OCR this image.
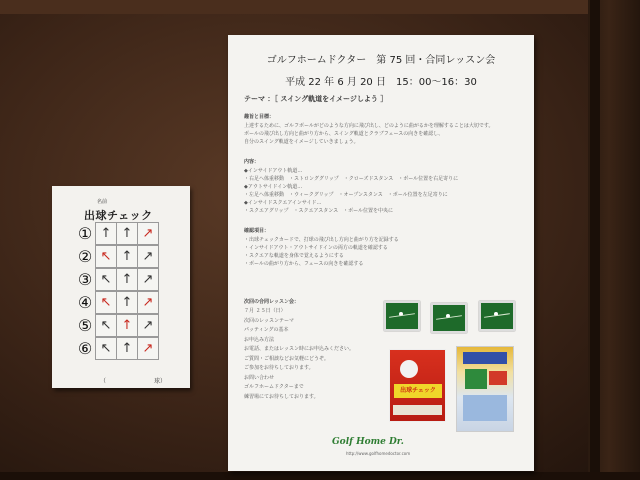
名前
出球チェック
① ↑ ↑ ↗
② ↖ ↑ ↗
③ ↖ ↑ ↗
④ ↖ ↑ ↗
⑤ ↖ ↑ ↗
⑥ ↖ ↑ ↗
（	球）
ゴルフホームドクター　第 75 回・合同レッスン会
平成 22 年 6 月 20 日　15：00～16：30
テーマ ：［ スイング軌道をイメージしよう ］
趣旨と目標：
上達するために、ゴルフボールがどのような方向に飛び出し、どのように曲がるかを理解することは大切です。
ボールの飛び出し方向と曲がり方から、スイング軌道とクラブフェースの向きを確認し、
自分のスイング軌道をイメージしていきましょう。
内容：
◆インサイドアウト軌道…
・右足へ体重移動　・ストロンググリップ　・クローズドスタンス　・ボール位置を右足寄りに
◆アウトサイドイン軌道…
・左足へ体重移動　・ウィークグリップ　・オープンスタンス　・ボール位置を左足寄りに
◆インサイドスクエアインサイド…
・スクエアグリップ　・スクエアスタンス　・ボール位置を中央に
確認項目：
・出球チェックカードで、打球の飛び出し方向と曲がり方を記録する
・インサイドアウト・アウトサイドインの両方の軌道を確認する
・スクエアな軌道を身体で覚えるようにする
・ボールの曲がり方から、フェースの向きを確認する
次回の合同レッスン会：
７月 ２５日（日）
次回のレッスンテーマ
パッティングの基本
お申込み方法
お電話、またはレッスン時にお申込みください。
ご質問・ご相談などお気軽にどうぞ。
ご参加をお待ちしております。
お問い合わせ
ゴルフホームドクターまで
練習場にてお待ちしております。
出球チェック
Golf Home Dr.
http://www.golfhomedoctor.com
